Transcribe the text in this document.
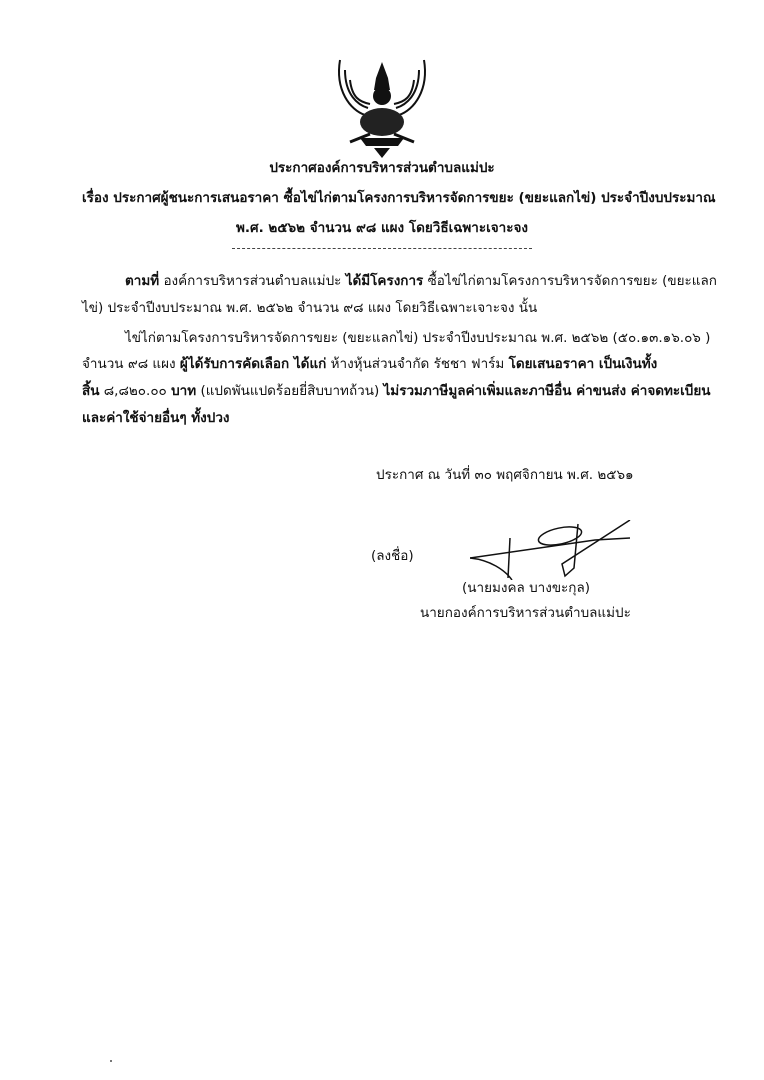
ประกาศองค์การบริหารส่วนตำบลแม่ปะ
เรื่อง ประกาศผู้ชนะการเสนอราคา ซื้อไข่ไก่ตามโครงการบริหารจัดการขยะ (ขยะแลกไข่) ประจำปีงบประมาณ
พ.ศ. ๒๕๖๒ จำนวน ๙๘ แผง โดยวิธีเฉพาะเจาะจง
ตามที่ องค์การบริหารส่วนตำบลแม่ปะ ได้มีโครงการ ซื้อไข่ไก่ตามโครงการบริหารจัดการขยะ (ขยะแลก
ไข่) ประจำปีงบประมาณ พ.ศ. ๒๕๖๒ จำนวน ๙๘ แผง โดยวิธีเฉพาะเจาะจง นั้น
ไข่ไก่ตามโครงการบริหารจัดการขยะ (ขยะแลกไข่) ประจำปีงบประมาณ พ.ศ. ๒๕๖๒ (๕๐.๑๓.๑๖.๐๖ )
จำนวน ๙๘ แผง ผู้ได้รับการคัดเลือก ได้แก่ ห้างหุ้นส่วนจำกัด รัชชา ฟาร์ม โดยเสนอราคา เป็นเงินทั้ง
สิ้น ๘,๘๒๐.๐๐ บาท (แปดพันแปดร้อยยี่สิบบาทถ้วน) ไม่รวมภาษีมูลค่าเพิ่มและภาษีอื่น ค่าขนส่ง ค่าจดทะเบียน
และค่าใช้จ่ายอื่นๆ ทั้งปวง
ประกาศ ณ วันที่ ๓๐ พฤศจิกายน พ.ศ. ๒๕๖๑
(ลงชื่อ)
(นายมงคล บางขะกุล)
นายกองค์การบริหารส่วนตำบลแม่ปะ
